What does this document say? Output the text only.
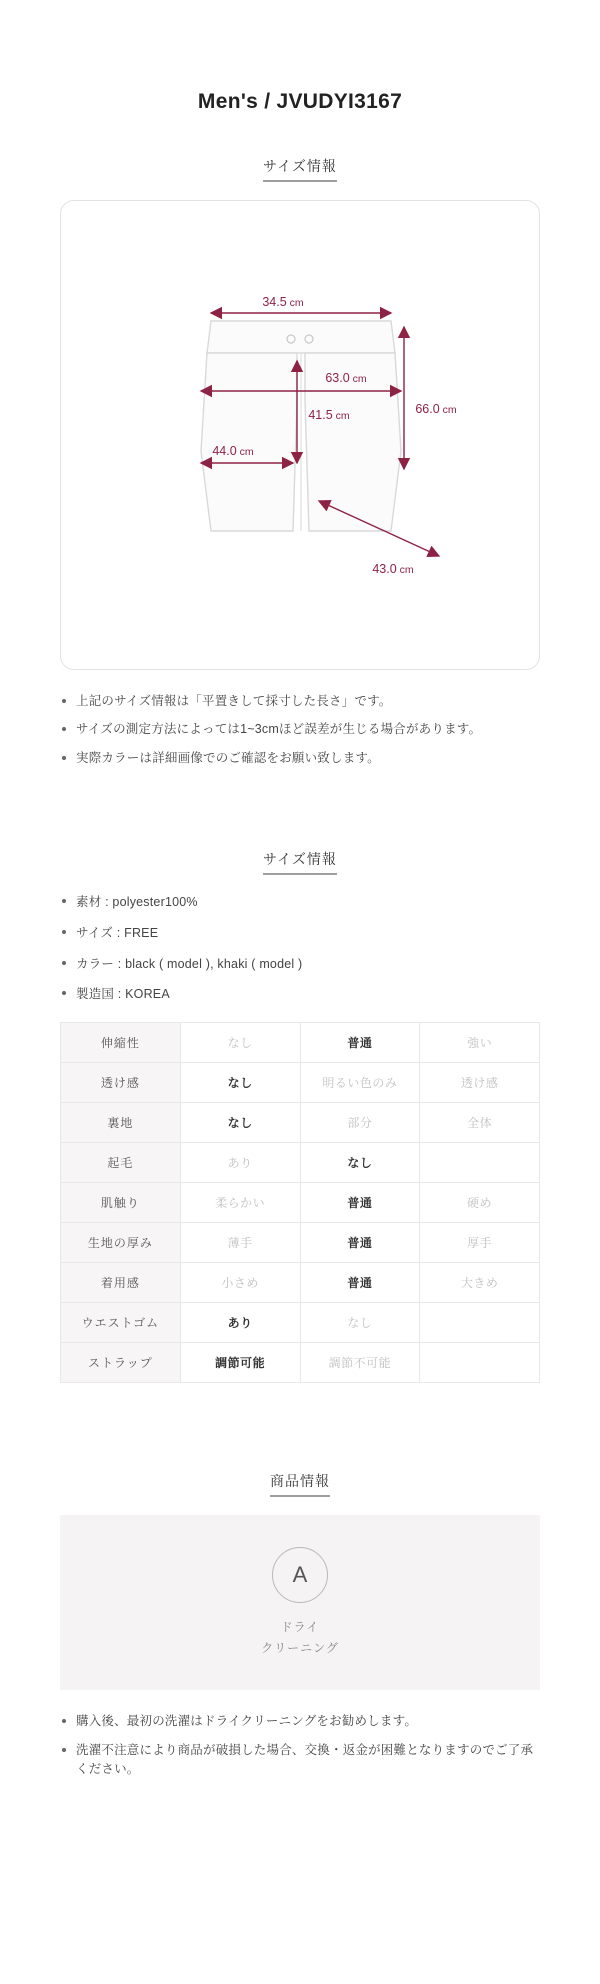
Men's / JVUDYI3167
サイズ情報
34.5 cm
63.0 cm
41.5 cm
44.0 cm
66.0 cm
43.0 cm
上記のサイズ情報は「平置きして採寸した長さ」です。
サイズの測定方法によっては1~3cmほど誤差が生じる場合があります。
実際カラーは詳細画像でのご確認をお願い致します。
サイズ情報
素材 : polyester100%
サイズ : FREE
カラー : black ( model ), khaki ( model )
製造国 : KOREA
伸縮性	なし	普通	強い
透け感	なし	明るい色のみ	透け感
裏地	なし	部分	全体
起毛	あり	なし	
肌触り	柔らかい	普通	硬め
生地の厚み	薄手	普通	厚手
着用感	小さめ	普通	大きめ
ウエストゴム	あり	なし	
ストラップ	調節可能	調節不可能	
商品情報
A
ドライ
クリーニング
購入後、最初の洗濯はドライクリーニングをお勧めします。
洗濯不注意により商品が破損した場合、交換・返金が困難となりますのでご了承ください。
